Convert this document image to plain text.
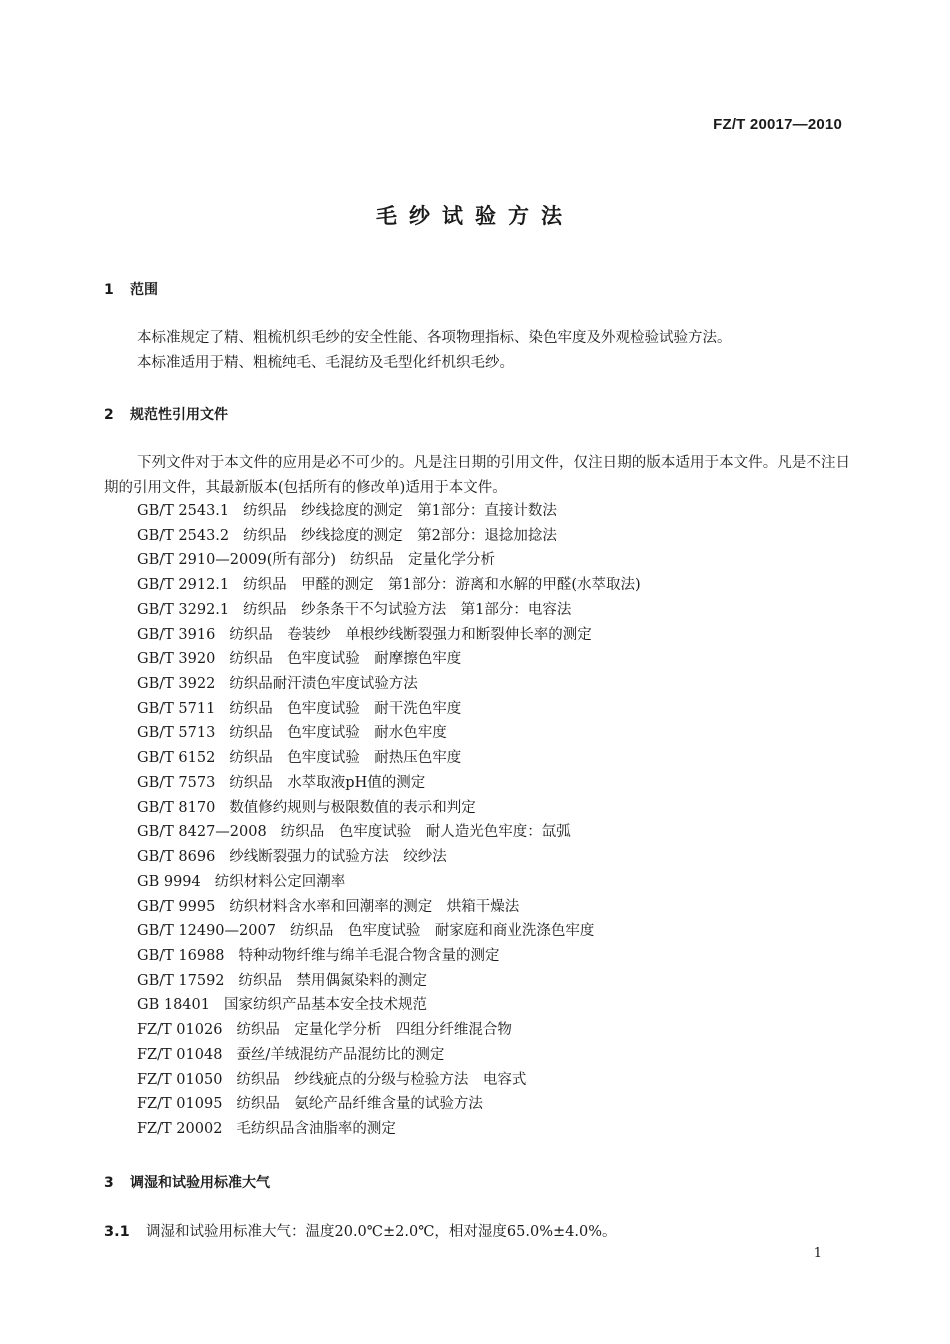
FZ/T 20017—2010
毛纱试验方法
1 范围
本标准规定了精、粗梳机织毛纱的安全性能、各项物理指标、染色牢度及外观检验试验方法。
本标准适用于精、粗梳纯毛、毛混纺及毛型化纤机织毛纱。
2 规范性引用文件
下列文件对于本文件的应用是必不可少的。凡是注日期的引用文件，仅注日期的版本适用于本文件。凡是不注日期的引用文件，其最新版本(包括所有的修改单)适用于本文件。
GB/T 2543.1 纺织品　纱线捻度的测定　第1部分：直接计数法
GB/T 2543.2 纺织品　纱线捻度的测定　第2部分：退捻加捻法
GB/T 2910—2009(所有部分) 纺织品　定量化学分析
GB/T 2912.1 纺织品　甲醛的测定　第1部分：游离和水解的甲醛(水萃取法)
GB/T 3292.1 纺织品　纱条条干不匀试验方法　第1部分：电容法
GB/T 3916 纺织品　卷装纱　单根纱线断裂强力和断裂伸长率的测定
GB/T 3920 纺织品　色牢度试验　耐摩擦色牢度
GB/T 3922 纺织品耐汗渍色牢度试验方法
GB/T 5711 纺织品　色牢度试验　耐干洗色牢度
GB/T 5713 纺织品　色牢度试验　耐水色牢度
GB/T 6152 纺织品　色牢度试验　耐热压色牢度
GB/T 7573 纺织品　水萃取液pH值的测定
GB/T 8170 数值修约规则与极限数值的表示和判定
GB/T 8427—2008 纺织品　色牢度试验　耐人造光色牢度：氙弧
GB/T 8696 纱线断裂强力的试验方法　绞纱法
GB 9994 纺织材料公定回潮率
GB/T 9995 纺织材料含水率和回潮率的测定　烘箱干燥法
GB/T 12490—2007 纺织品　色牢度试验　耐家庭和商业洗涤色牢度
GB/T 16988 特种动物纤维与绵羊毛混合物含量的测定
GB/T 17592 纺织品　禁用偶氮染料的测定
GB 18401 国家纺织产品基本安全技术规范
FZ/T 01026 纺织品　定量化学分析　四组分纤维混合物
FZ/T 01048 蚕丝/羊绒混纺产品混纺比的测定
FZ/T 01050 纺织品　纱线疵点的分级与检验方法　电容式
FZ/T 01095 纺织品　氨纶产品纤维含量的试验方法
FZ/T 20002 毛纺织品含油脂率的测定
3 调湿和试验用标准大气
3.1 调湿和试验用标准大气：温度20.0℃±2.0℃，相对湿度65.0%±4.0%。
1
